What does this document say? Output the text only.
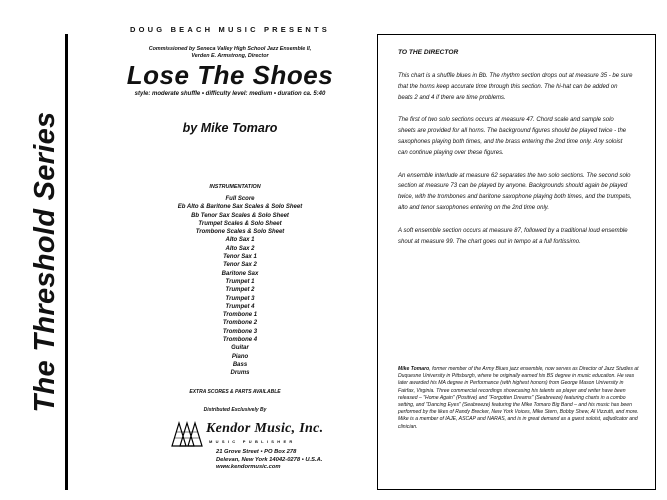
The Threshold Series
DOUG BEACH MUSIC PRESENTS
Commissioned by Seneca Valley High School Jazz Ensemble II,
Verden E. Armstrong, Director
Lose The Shoes
style: moderate shuffle • difficulty level: medium • duration ca. 5:40
by Mike Tomaro
INSTRUMENTATION
Full Score
Eb Alto & Baritone Sax Scales & Solo Sheet
Bb Tenor Sax Scales & Solo Sheet
Trumpet Scales & Solo Sheet
Trombone Scales & Solo Sheet
Alto Sax 1
Alto Sax 2
Tenor Sax 1
Tenor Sax 2
Baritone Sax
Trumpet 1
Trumpet 2
Trumpet 3
Trumpet 4
Trombone 1
Trombone 2
Trombone 3
Trombone 4
Guitar
Piano
Bass
Drums
EXTRA SCORES & PARTS AVAILABLE
Distributed Exclusively By
Kendor Music, Inc.
MUSIC PUBLISHER
21 Grove Street • PO Box 278
Delevan, New York 14042-0278 • U.S.A.
www.kendormusic.com
TO THE DIRECTOR

This chart is a shuffle blues in Bb. The rhythm section drops out at measure 35 - be sure that the horns keep accurate time through this section. The hi-hat can be added on beats 2 and 4 if there are time problems.

The first of two solo sections occurs at measure 47. Chord scale and sample solo sheets are provided for all horns. The background figures should be played twice - the saxophones playing both times, and the brass entering the 2nd time only. Any soloist can continue playing over these figures.

An ensemble interlude at measure 62 separates the two solo sections. The second solo section at measure 73 can be played by anyone. Backgrounds should again be played twice, with the trombones and baritone saxophone playing both times, and the trumpets, alto and tenor saxophones entering on the 2nd time only.

A soft ensemble section occurs at measure 87, followed by a traditional loud ensemble shout at measure 99. The chart goes out in tempo at a full fortissimo.

Mike Tomaro, former member of the Army Blues jazz ensemble, now serves as Director of Jazz Studies at Duquesne University in Pittsburgh, where he originally earned his BS degree in music education. He was later awarded his MA degree in Performance (with highest honors) from George Mason University in Fairfax, Virginia. Three commercial recordings showcasing his talents as player and writer have been released – "Home Again" (Positive) and "Forgotten Dreams" (Seabreeze) featuring charts in a combo setting, and "Dancing Eyes" (Seabreeze) featuring the Mike Tomaro Big Band – and his music has been performed by the likes of Randy Brecker, New York Voices, Mike Stern, Bobby Shew, Al Vizzutti, and more. Mike is a member of IAJE, ASCAP and NARAS, and is in great demand as a guest soloist, adjudicator and clinician.
